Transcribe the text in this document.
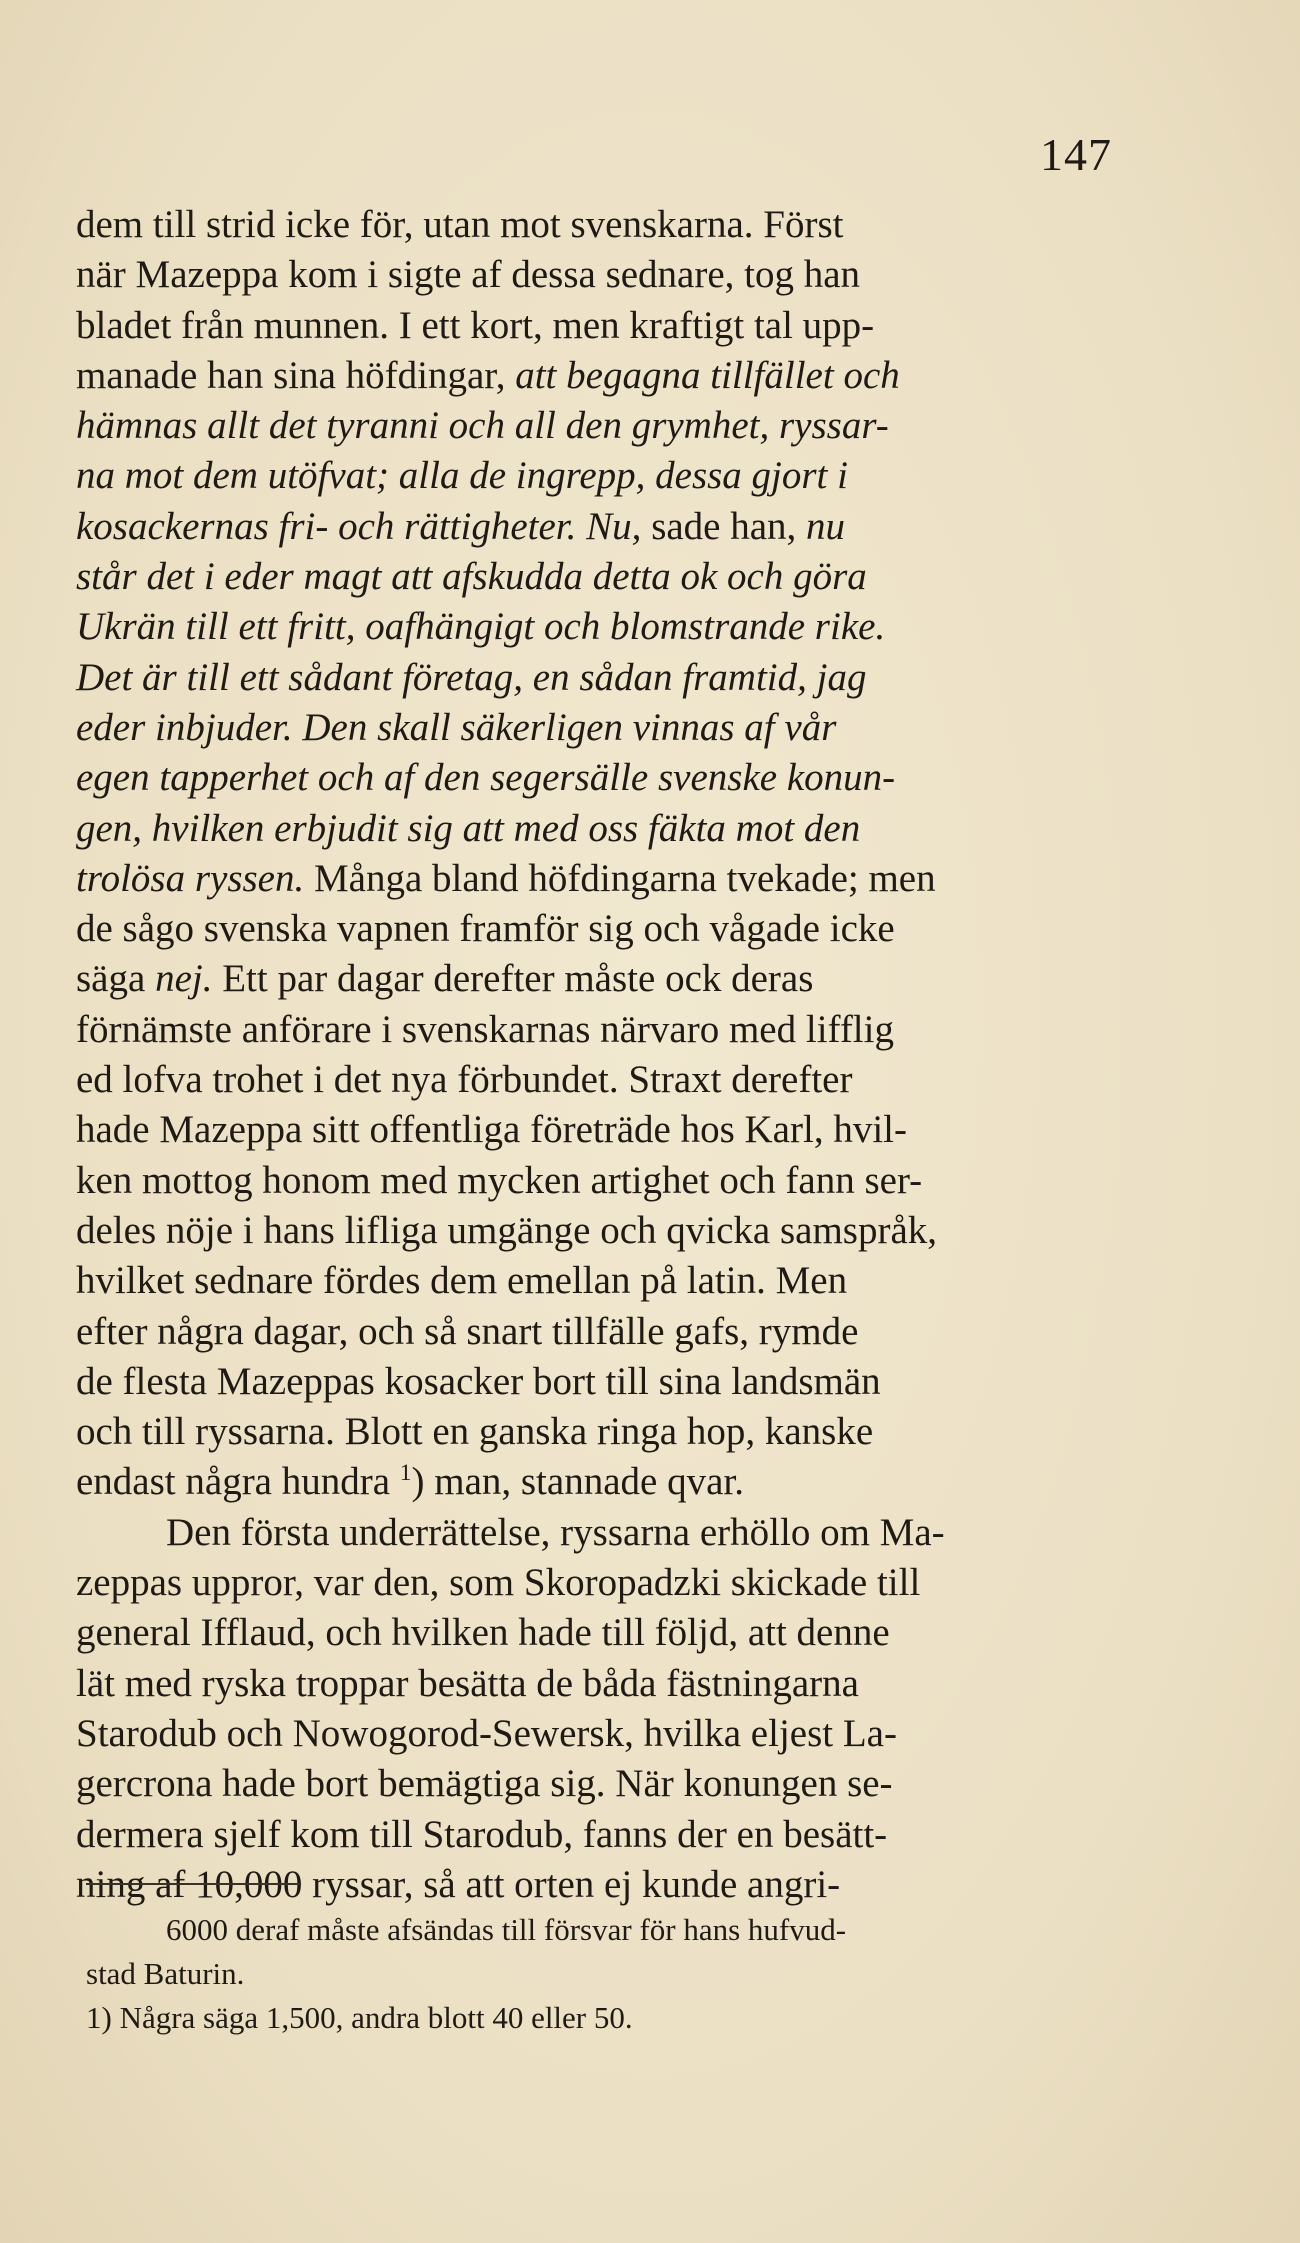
147
dem till strid icke för, utan mot svenskarna. Först
när Mazeppa kom i sigte af dessa sednare, tog han
bladet från munnen. I ett kort, men kraftigt tal upp-
manade han sina höfdingar, att begagna tillfället och
hämnas allt det tyranni och all den grymhet, ryssar-
na mot dem utöfvat; alla de ingrepp, dessa gjort i
kosackernas fri- och rättigheter. Nu, sade han, nu
står det i eder magt att afskudda detta ok och göra
Ukrän till ett fritt, oafhängigt och blomstrande rike.
Det är till ett sådant företag, en sådan framtid, jag
eder inbjuder. Den skall säkerligen vinnas af vår
egen tapperhet och af den segersälle svenske konun-
gen, hvilken erbjudit sig att med oss fäkta mot den
trolösa ryssen. Många bland höfdingarna tvekade; men
de sågo svenska vapnen framför sig och vågade icke
säga nej. Ett par dagar derefter måste ock deras
förnämste anförare i svenskarnas närvaro med lifflig
ed lofva trohet i det nya förbundet. Straxt derefter
hade Mazeppa sitt offentliga företräde hos Karl, hvil-
ken mottog honom med mycken artighet och fann ser-
deles nöje i hans lifliga umgänge och qvicka samspråk,
hvilket sednare fördes dem emellan på latin. Men
efter några dagar, och så snart tillfälle gafs, rymde
de flesta Mazeppas kosacker bort till sina landsmän
och till ryssarna. Blott en ganska ringa hop, kanske
endast några hundra $^1$) man, stannade qvar.
Den första underrättelse, ryssarna erhöllo om Ma-
zeppas uppror, var den, som Skoropadzki skickade till
general Ifflaud, och hvilken hade till följd, att denne
lät med ryska troppar besätta de båda fästningarna
Starodub och Nowogorod-Sewersk, hvilka eljest La-
gercrona hade bort bemägtiga sig. När konungen se-
dermera sjelf kom till Starodub, fanns der en besätt-
ning af 10,000 ryssar, så att orten ej kunde angri-
6000 deraf måste afsändas till försvar för hans hufvud-
stad Baturin.
1) Några säga 1,500, andra blott 40 eller 50.
